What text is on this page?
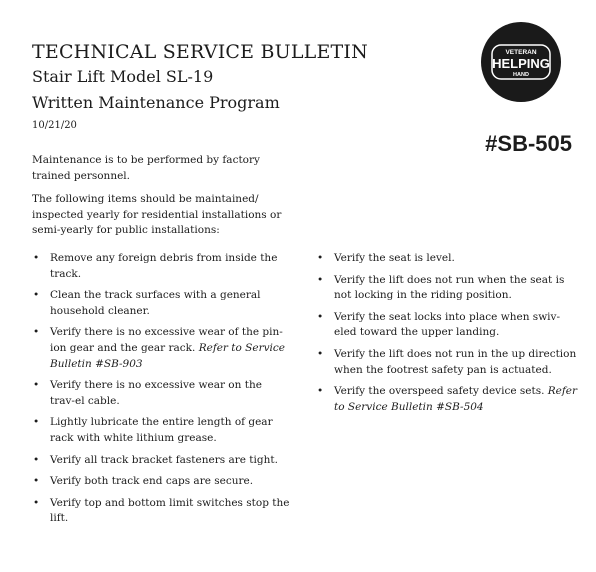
TECHNICAL SERVICE BULLETIN
Stair Lift Model SL-19
Written Maintenance Program
10/21/20
VETERAN
HELPING
HAND
#SB-505
Maintenance is to be performed by factory trained personnel.
The following items should be maintained/ inspected yearly for residential installations or semi-yearly for public installations:
• Remove any foreign debris from inside the track.
• Clean the track surfaces with a general household cleaner.
• Verify there is no excessive wear of the pin-ion gear and the gear rack. Refer to Service Bulletin #SB-903
• Verify there is no excessive wear on the trav-el cable.
• Lightly lubricate the entire length of gear rack with white lithium grease.
• Verify all track bracket fasteners are tight.
• Verify both track end caps are secure.
• Verify top and bottom limit switches stop the lift.
• Verify the seat is level.
• Verify the lift does not run when the seat is not locking in the riding position.
• Verify the seat locks into place when swiv-eled toward the upper landing.
• Verify the lift does not run in the up direction when the footrest safety pan is actuated.
• Verify the overspeed safety device sets. Refer to Service Bulletin #SB-504
